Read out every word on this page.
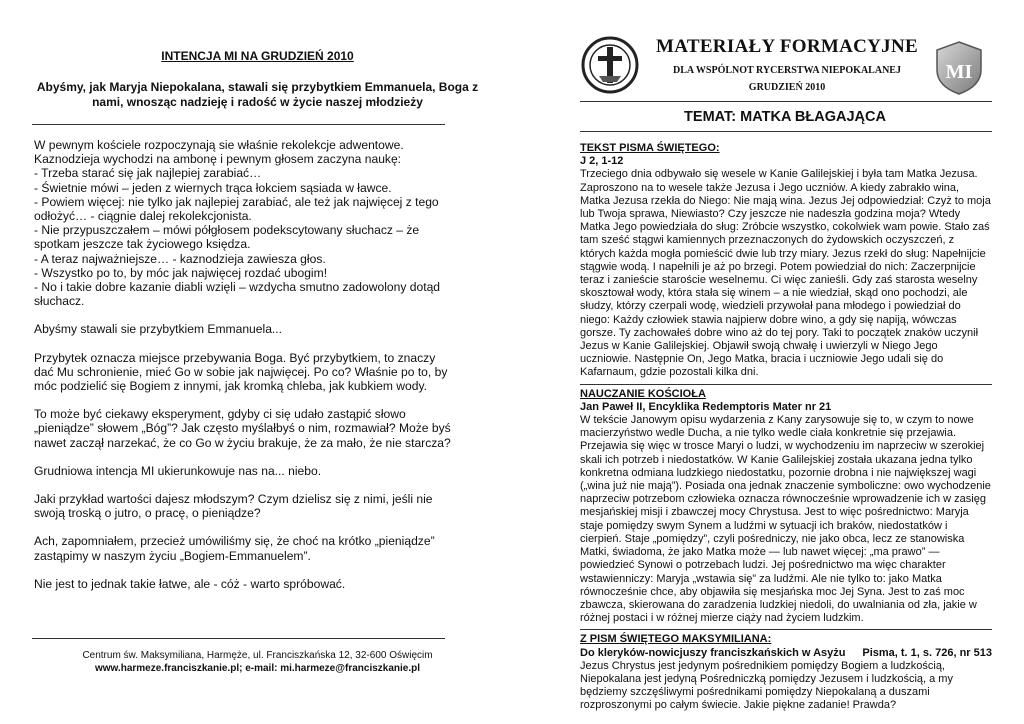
INTENCJA MI NA GRUDZIEŃ 2010
Abyśmy, jak Maryja Niepokalana, stawali się przybytkiem Emmanuela, Boga z nami, wnosząc nadzieję i radość w życie naszej młodzieży

W pewnym kościele rozpoczynają sie właśnie rekolekcje adwentowe.
Kaznodzieja wychodzi na ambonę i pewnym głosem zaczyna naukę:
- Trzeba starać się jak najlepiej zarabiać…
- Świetnie mówi – jeden z wiernych trąca łokciem sąsiada w ławce.
- Powiem więcej: nie tylko jak najlepiej zarabiać, ale też jak najwięcej z tego odłożyć… - ciągnie dalej rekolekcjonista.
- Nie przypuszczałem – mówi półgłosem podekscytowany słuchacz – że spotkam jeszcze tak życiowego księdza.
- A teraz najważniejsze… - kaznodzieja zawiesza głos.
- Wszystko po to, by móc jak najwięcej rozdać ubogim!
- No i takie dobre kazanie diabli wzięli – wzdycha smutno zadowolony dotąd słuchacz.

Abyśmy stawali sie przybytkiem Emmanuela...

Przybytek oznacza miejsce przebywania Boga. Być przybytkiem, to znaczy dać Mu schronienie, mieć Go w sobie jak najwięcej. Po co? Właśnie po to, by móc podzielić się Bogiem z innymi, jak kromką chleba, jak kubkiem wody.

To może być ciekawy eksperyment, gdyby ci się udało zastąpić słowo „pieniądze” słowem „Bóg”? Jak często myślałbyś o nim, rozmawiał? Może byś nawet zaczął narzekać, że co Go w życiu brakuje, że za mało, że nie starcza?

Grudniowa intencja MI ukierunkowuje nas na... niebo.

Jaki przykład wartości dajesz młodszym? Czym dzielisz się z nimi, jeśli nie swoją troską o jutro, o pracę, o pieniądze?

Ach, zapomniałem, przecież umówiliśmy się, że choć na krótko „pieniądze” zastąpimy w naszym życiu „Bogiem-Emmanuelem”.

Nie jest to jednak takie łatwe, ale - cóż - warto spróbować.

Centrum św. Maksymiliana, Harmęże, ul. Franciszkańska 12, 32-600 Oświęcim
www.harmeze.franciszkanie.pl; e-mail: mi.harmeze@franciszkanie.pl
MATERIAŁY FORMACYJNE
DLA WSPÓLNOT RYCERSTWA NIEPOKALANEJ
GRUDZIEŃ 2010
MI
TEMAT: MATKA BŁAGAJĄCA
TEKST PISMA ŚWIĘTEGO:
J 2, 1-12

Trzeciego dnia odbywało się wesele w Kanie Galilejskiej i była tam Matka Jezusa. Zaproszono na to wesele także Jezusa i Jego uczniów. A kiedy zabrakło wina, Matka Jezusa rzekła do Niego: Nie mają wina. Jezus Jej odpowiedział: Czyż to moja lub Twoja sprawa, Niewiasto? Czy jeszcze nie nadeszła godzina moja? Wtedy Matka Jego powiedziała do sług: Zróbcie wszystko, cokolwiek wam powie. Stało zaś tam sześć stągwi kamiennych przeznaczonych do żydowskich oczyszczeń, z których każda mogła pomieścić dwie lub trzy miary. Jezus rzekł do sług: Napełnijcie stągwie wodą. I napełnili je aż po brzegi. Potem powiedział do nich: Zaczerpnijcie teraz i zanieście staroście weselnemu. Ci więc zanieśli. Gdy zaś starosta weselny skosztował wody, która stała się winem – a nie wiedział, skąd ono pochodzi, ale słudzy, którzy czerpali wodę, wiedzieli przywołał pana młodego i powiedział do niego: Każdy człowiek stawia najpierw dobre wino, a gdy się napiją, wówczas gorsze. Ty zachowałeś dobre wino aż do tej pory. Taki to początek znaków uczynił Jezus w Kanie Galilejskiej. Objawił swoją chwałę i uwierzyli w Niego Jego uczniowie. Następnie On, Jego Matka, bracia i uczniowie Jego udali się do Kafarnaum, gdzie pozostali kilka dni.

NAUCZANIE KOŚCIOŁA
Jan Paweł II, Encyklika Redemptoris Mater nr 21

W tekście Janowym opisu wydarzenia z Kany zarysowuje się to, w czym to nowe macierzyństwo wedle Ducha, a nie tylko wedle ciała konkretnie się przejawia. Przejawia się więc w trosce Maryi o ludzi, w wychodzeniu im naprzeciw w szerokiej skali ich potrzeb i niedostatków. W Kanie Galilejskiej została ukazana jedna tylko konkretna odmiana ludzkiego niedostatku, pozornie drobna i nie największej wagi („wina już nie mają”). Posiada ona jednak znaczenie symboliczne: owo wychodzenie naprzeciw potrzebom człowieka oznacza równocześnie wprowadzenie ich w zasięg mesjańskiej misji i zbawczej mocy Chrystusa. Jest to więc pośrednictwo: Maryja staje pomiędzy swym Synem a ludźmi w sytuacji ich braków, niedostatków i cierpień. Staje „pomiędzy”, czyli pośredniczy, nie jako obca, lecz ze stanowiska Matki, świadoma, że jako Matka może — lub nawet więcej: „ma prawo” — powiedzieć Synowi o potrzebach ludzi. Jej pośrednictwo ma więc charakter wstawienniczy: Maryja „wstawia się” za ludźmi. Ale nie tylko to: jako Matka równocześnie chce, aby objawiła się mesjańska moc Jej Syna. Jest to zaś moc zbawcza, skierowana do zaradzenia ludzkiej niedoli, do uwalniania od zła, jakie w różnej postaci i w różnej mierze ciąży nad życiem ludzkim.

Z PISM ŚWIĘTEGO MAKSYMILIANA:
Do kleryków-nowicjuszy franciszkańskich w Asyżu Pisma, t. 1, s. 726, nr 513

Jezus Chrystus jest jedynym pośrednikiem pomiędzy Bogiem a ludzkością, Niepokalana jest jedyną Pośredniczką pomiędzy Jezusem i ludzkością, a my będziemy szczęśliwymi pośrednikami pomiędzy Niepokalaną a duszami rozproszonymi po całym świecie. Jakie piękne zadanie! Prawda?
